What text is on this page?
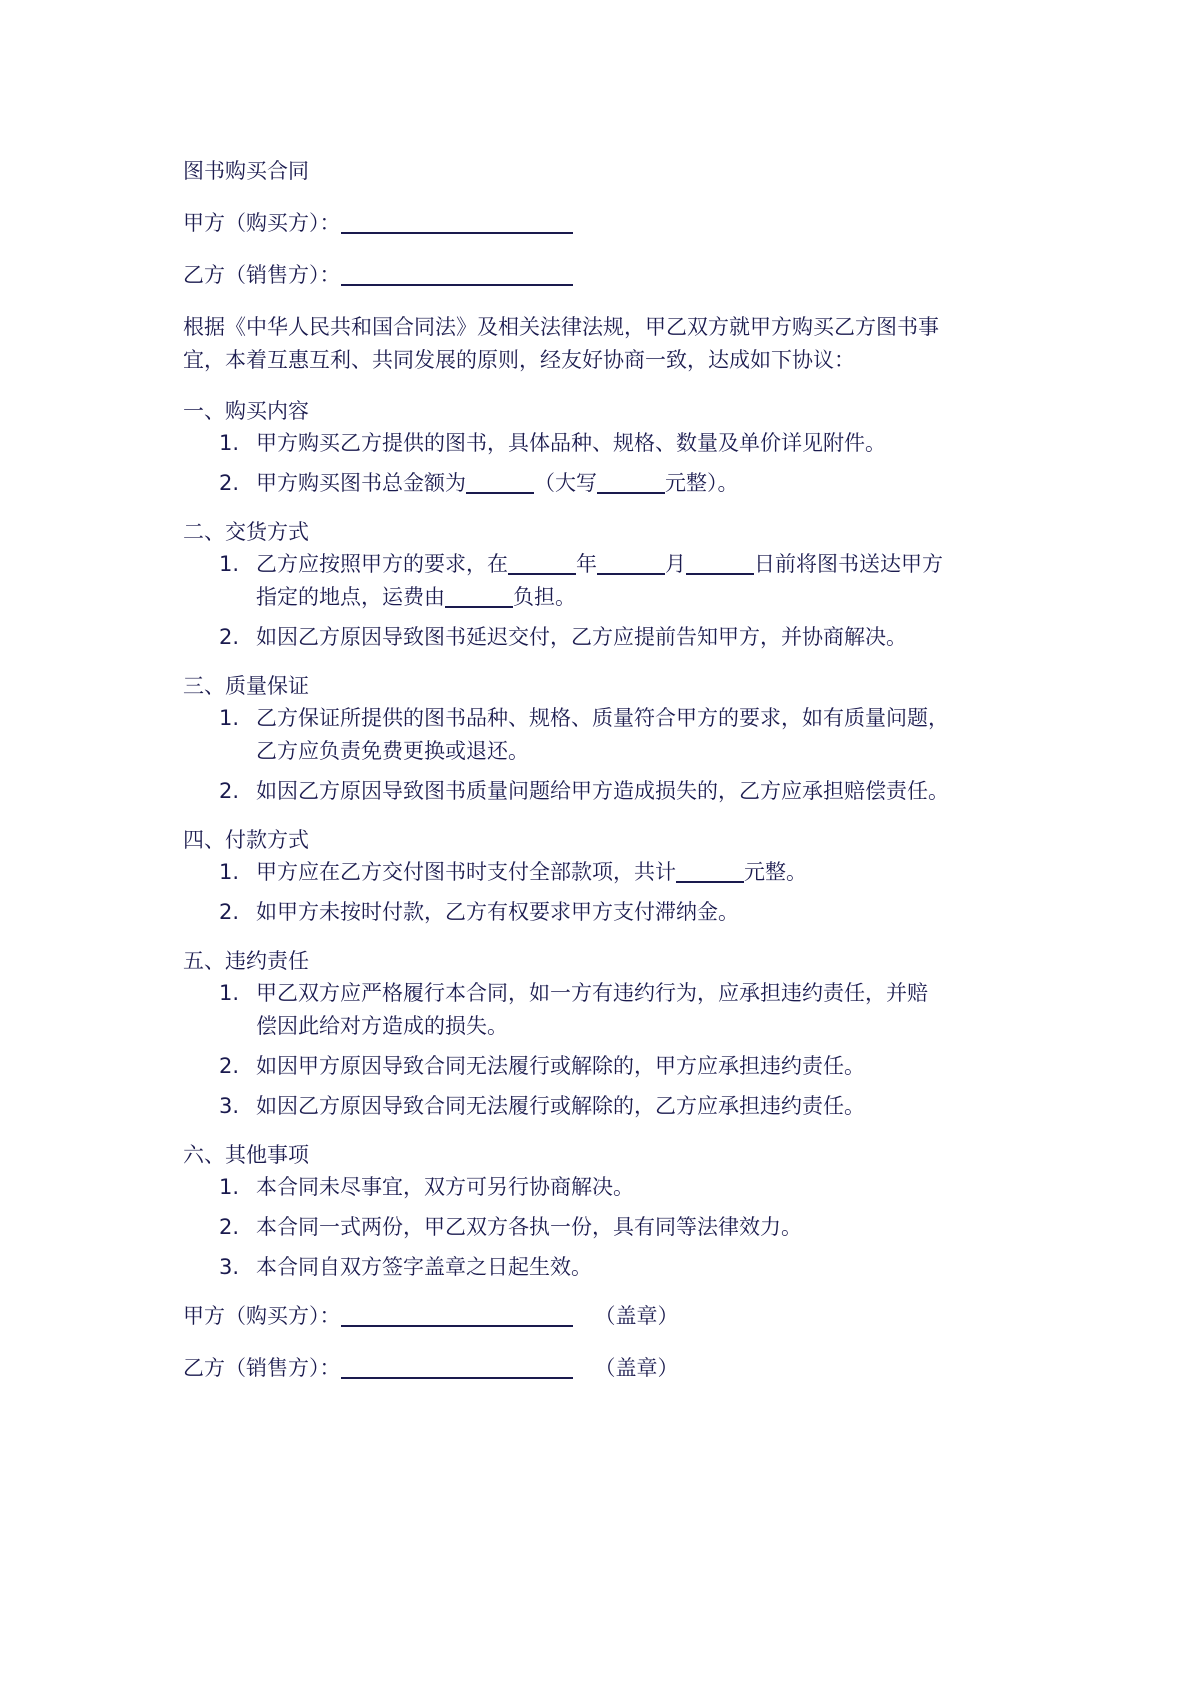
图书购买合同
甲方（购买方）：
乙方（销售方）：
根据《中华人民共和国合同法》及相关法律法规，甲乙双方就甲方购买乙方图书事
宜，本着互惠互利、共同发展的原则，经友好协商一致，达成如下协议：
一、购买内容
1. 甲方购买乙方提供的图书，具体品种、规格、数量及单价详见附件。
2. 甲方购买图书总金额为	（大写	元整）。
二、交货方式
1. 乙方应按照甲方的要求，在	年	月	日前将图书送达甲方
指定的地点，运费由	负担。
2. 如因乙方原因导致图书延迟交付，乙方应提前告知甲方，并协商解决。
三、质量保证
1. 乙方保证所提供的图书品种、规格、质量符合甲方的要求，如有质量问题，
乙方应负责免费更换或退还。
2. 如因乙方原因导致图书质量问题给甲方造成损失的，乙方应承担赔偿责任。
四、付款方式
1. 甲方应在乙方交付图书时支付全部款项，共计	元整。
2. 如甲方未按时付款，乙方有权要求甲方支付滞纳金。
五、违约责任
1. 甲乙双方应严格履行本合同，如一方有违约行为，应承担违约责任，并赔
偿因此给对方造成的损失。
2. 如因甲方原因导致合同无法履行或解除的，甲方应承担违约责任。
3. 如因乙方原因导致合同无法履行或解除的，乙方应承担违约责任。
六、其他事项
1. 本合同未尽事宜，双方可另行协商解决。
2. 本合同一式两份，甲乙双方各执一份，具有同等法律效力。
3. 本合同自双方签字盖章之日起生效。
甲方（购买方）：	（盖章）
乙方（销售方）：	（盖章）
